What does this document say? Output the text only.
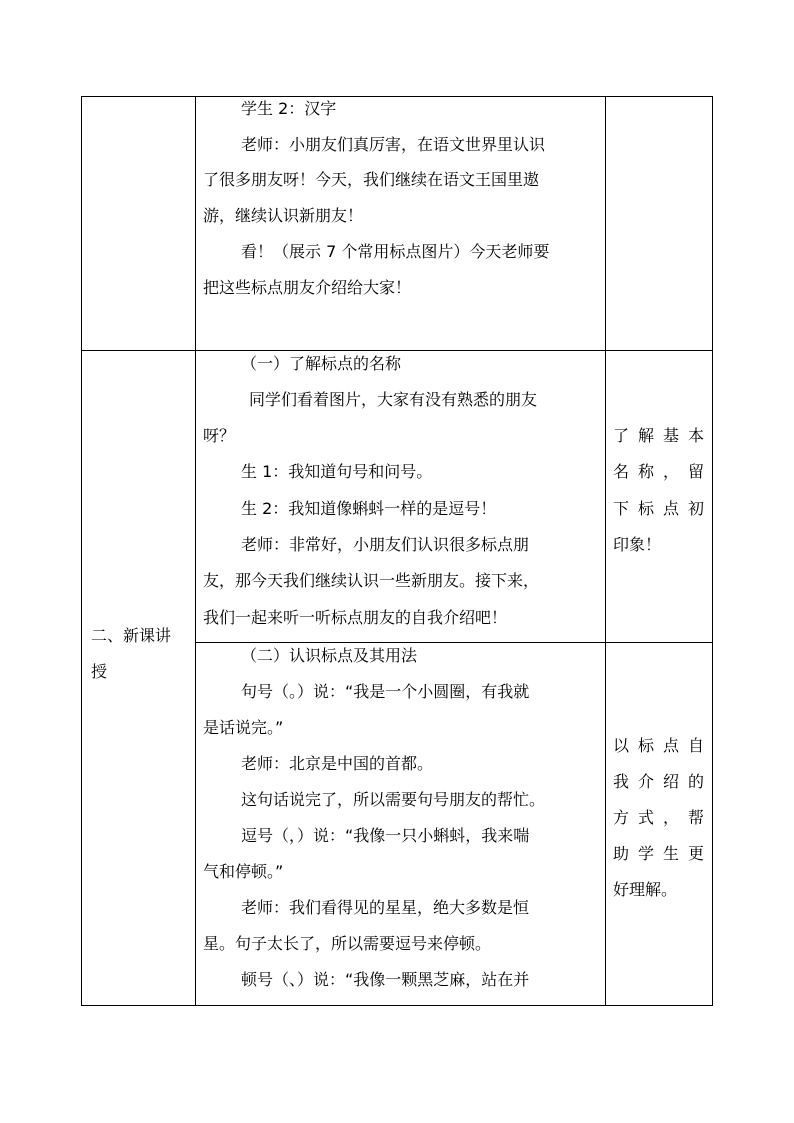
学生 2：汉字
老师：小朋友们真厉害，在语文世界里认识
了很多朋友呀！今天，我们继续在语文王国里遨
游，继续认识新朋友！
看！（展示 7 个常用标点图片）今天老师要
把这些标点朋友介绍给大家！
二、新课讲
授
（一）了解标点的名称
同学们看着图片，大家有没有熟悉的朋友
呀？
生 1：我知道句号和问号。
生 2：我知道像蝌蚪一样的是逗号！
老师：非常好，小朋友们认识很多标点朋
友，那今天我们继续认识一些新朋友。接下来，
我们一起来听一听标点朋友的自我介绍吧！
了解基本
名称，留
下标点初
印象！
（二）认识标点及其用法
句号（。）说：“我是一个小圆圈，有我就
是话说完。”
老师：北京是中国的首都。
这句话说完了，所以需要句号朋友的帮忙。
逗号（，）说：“我像一只小蝌蚪，我来喘
气和停顿。”
老师：我们看得见的星星，绝大多数是恒
星。句子太长了，所以需要逗号来停顿。
顿号（、）说：“我像一颗黑芝麻，站在并
以标点自
我介绍的
方式，帮
助学生更
好理解。
